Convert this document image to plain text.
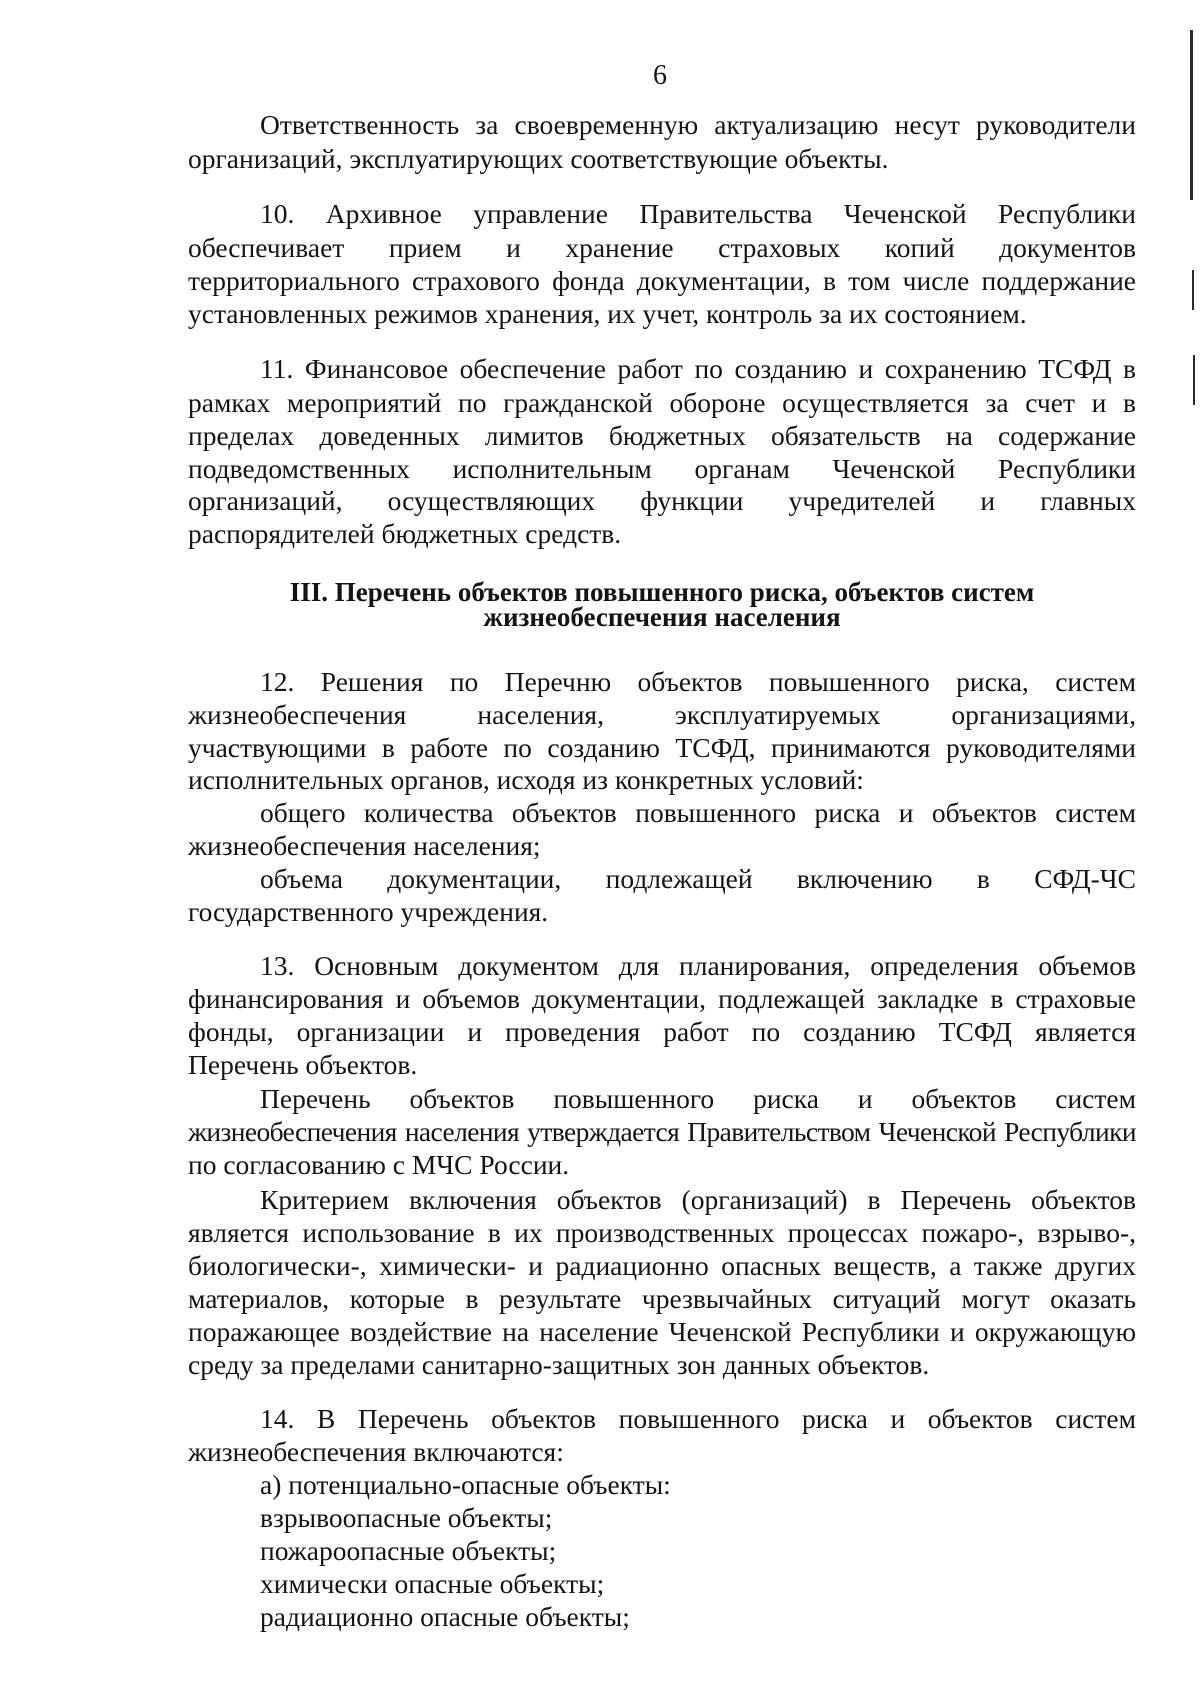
6
Ответственность за своевременную актуализацию несут руководители
организаций, эксплуатирующих соответствующие объекты.
10. Архивное управление Правительства Чеченской Республики
обеспечивает прием и хранение страховых копий документов
территориального страхового фонда документации, в том числе поддержание
установленных режимов хранения, их учет, контроль за их состоянием.
11. Финансовое обеспечение работ по созданию и сохранению ТСФД в
рамках мероприятий по гражданской обороне осуществляется за счет и в
пределах доведенных лимитов бюджетных обязательств на содержание
подведомственных исполнительным органам Чеченской Республики
организаций, осуществляющих функции учредителей и главных
распорядителей бюджетных средств.
III. Перечень объектов повышенного риска, объектов систем
жизнеобеспечения населения
12. Решения по Перечню объектов повышенного риска, систем
жизнеобеспечения населения, эксплуатируемых организациями,
участвующими в работе по созданию ТСФД, принимаются руководителями
исполнительных органов, исходя из конкретных условий:
общего количества объектов повышенного риска и объектов систем
жизнеобеспечения населения;
объема документации, подлежащей включению в СФД-ЧС
государственного учреждения.
13. Основным документом для планирования, определения объемов
финансирования и объемов документации, подлежащей закладке в страховые
фонды, организации и проведения работ по созданию ТСФД является
Перечень объектов.
Перечень объектов повышенного риска и объектов систем
жизнеобеспечения населения утверждается Правительством Чеченской Республики
по согласованию с МЧС России.
Критерием включения объектов (организаций) в Перечень объектов
является использование в их производственных процессах пожаро-, взрыво-,
биологически-, химически- и радиационно опасных веществ, а также других
материалов, которые в результате чрезвычайных ситуаций могут оказать
поражающее воздействие на население Чеченской Республики и окружающую
среду за пределами санитарно-защитных зон данных объектов.
14. В Перечень объектов повышенного риска и объектов систем
жизнеобеспечения включаются:
а) потенциально-опасные объекты:
взрывоопасные объекты;
пожароопасные объекты;
химически опасные объекты;
радиационно опасные объекты;
